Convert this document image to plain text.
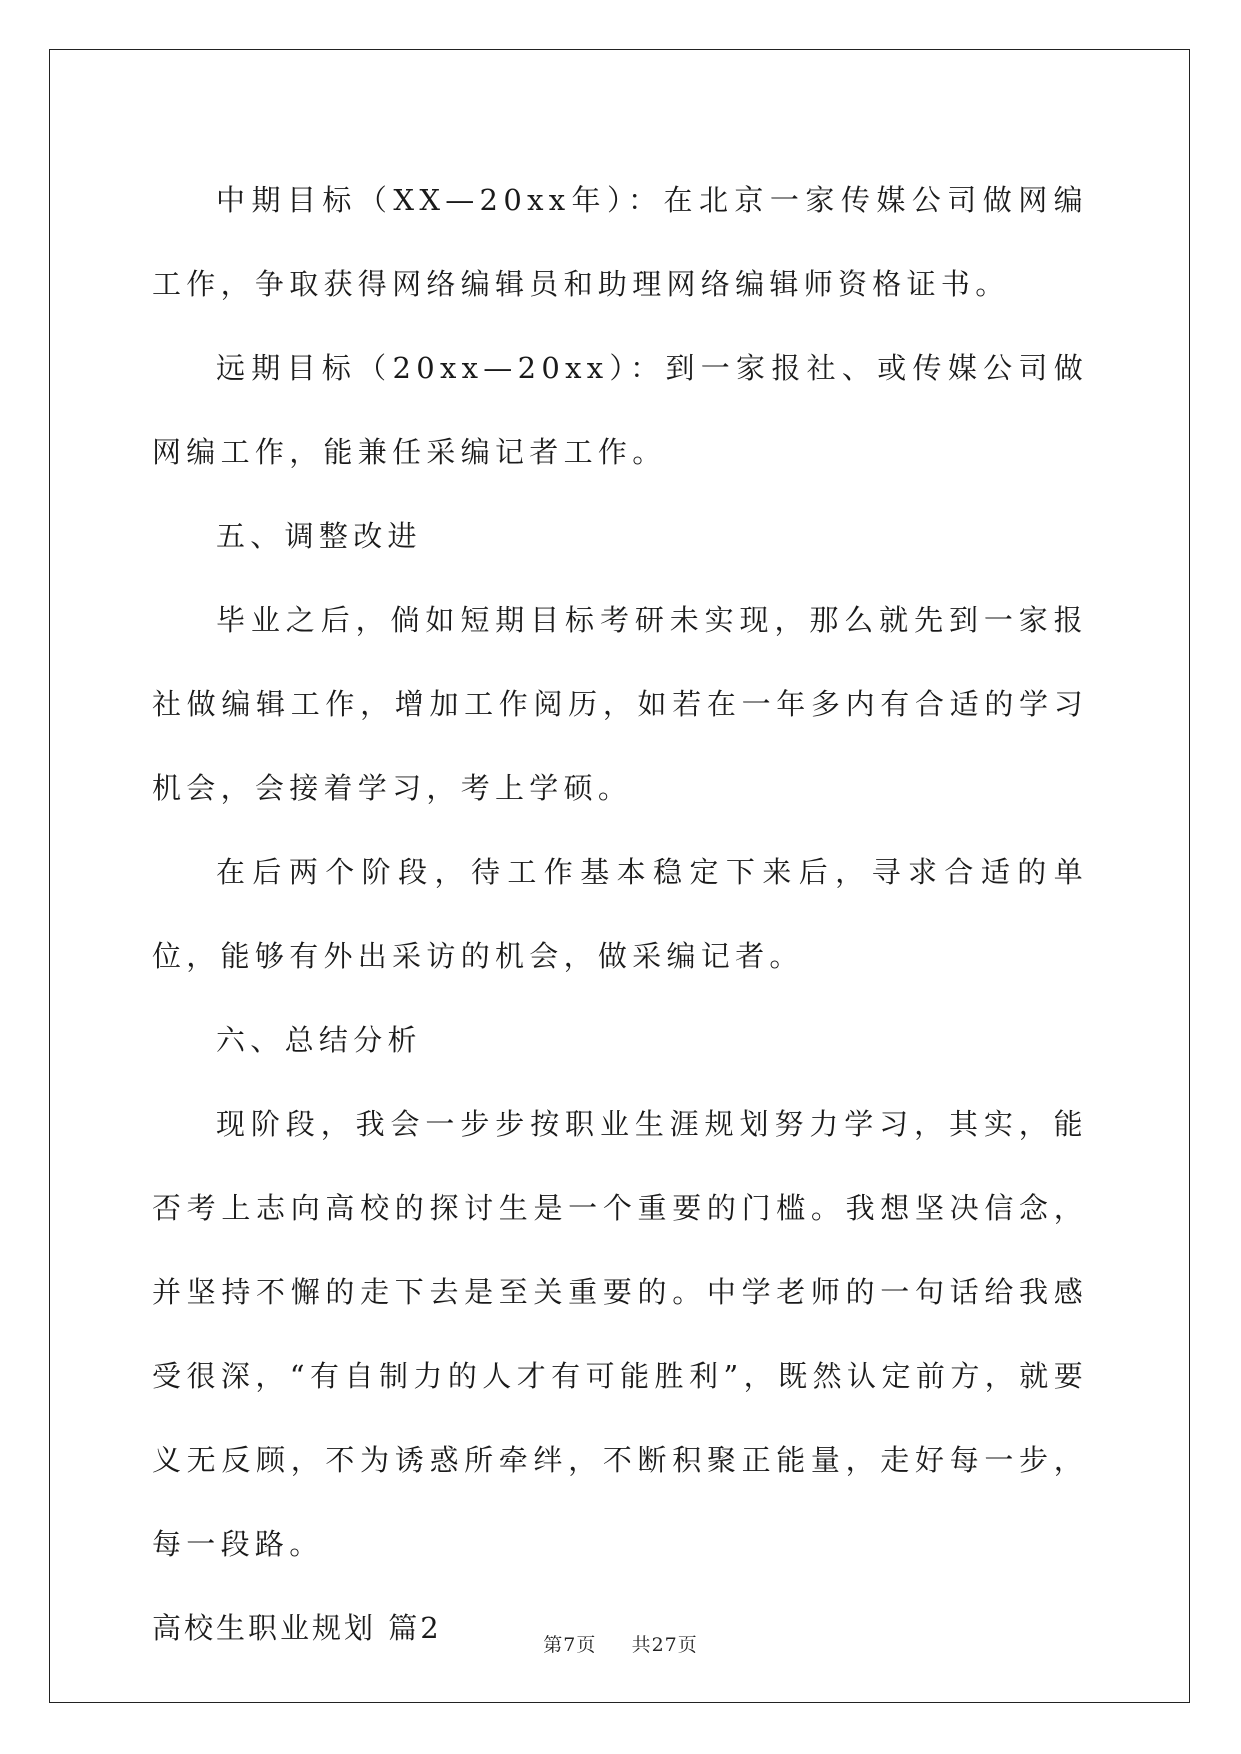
中期目标（XX—20xx年）：在北京一家传媒公司做网编工作，争取获得网络编辑员和助理网络编辑师资格证书。

远期目标（20xx—20xx）：到一家报社、或传媒公司做网编工作，能兼任采编记者工作。

五、调整改进

毕业之后，倘如短期目标考研未实现，那么就先到一家报社做编辑工作，增加工作阅历，如若在一年多内有合适的学习机会，会接着学习，考上学硕。

在后两个阶段，待工作基本稳定下来后，寻求合适的单位，能够有外出采访的机会，做采编记者。

六、总结分析

现阶段，我会一步步按职业生涯规划努力学习，其实，能否考上志向高校的探讨生是一个重要的门槛。我想坚决信念，并坚持不懈的走下去是至关重要的。中学老师的一句话给我感受很深，“有自制力的人才有可能胜利”，既然认定前方，就要义无反顾，不为诱惑所牵绊，不断积聚正能量，走好每一步，每一段路。

高校生职业规划 篇2	第7页 共27页
